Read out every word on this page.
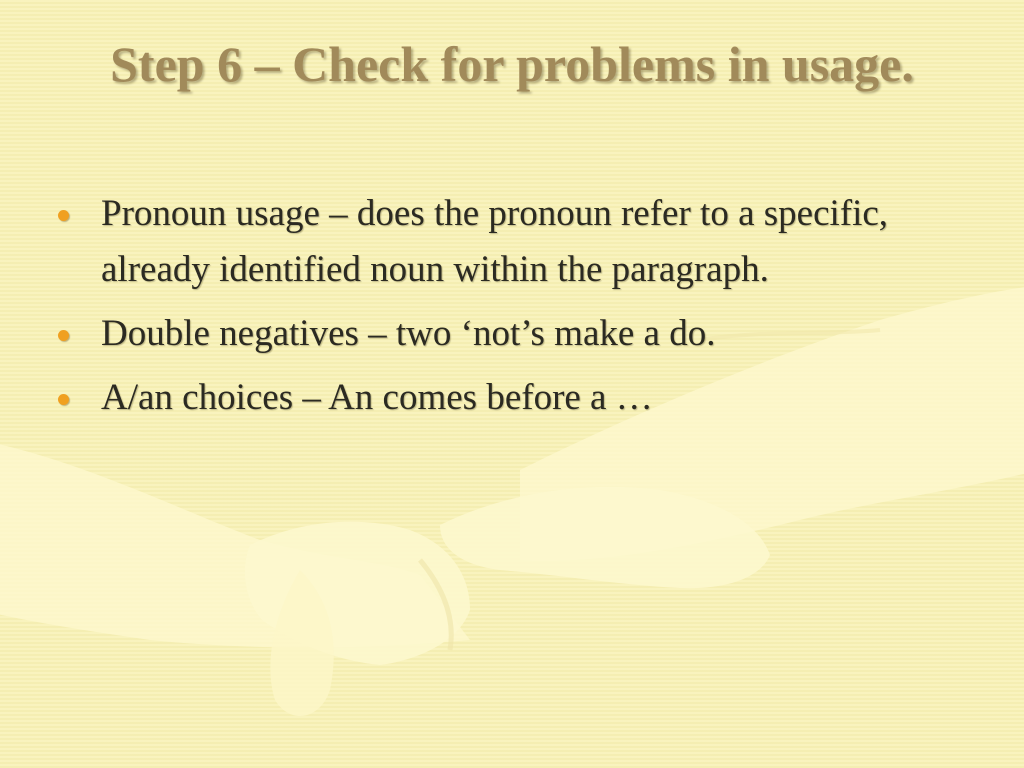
Step 6 – Check for problems in usage.
Pronoun usage – does the pronoun refer to a specific, already identified noun within the paragraph.
Double negatives – two ‘not’s make a do.
A/an choices – An comes before a …
